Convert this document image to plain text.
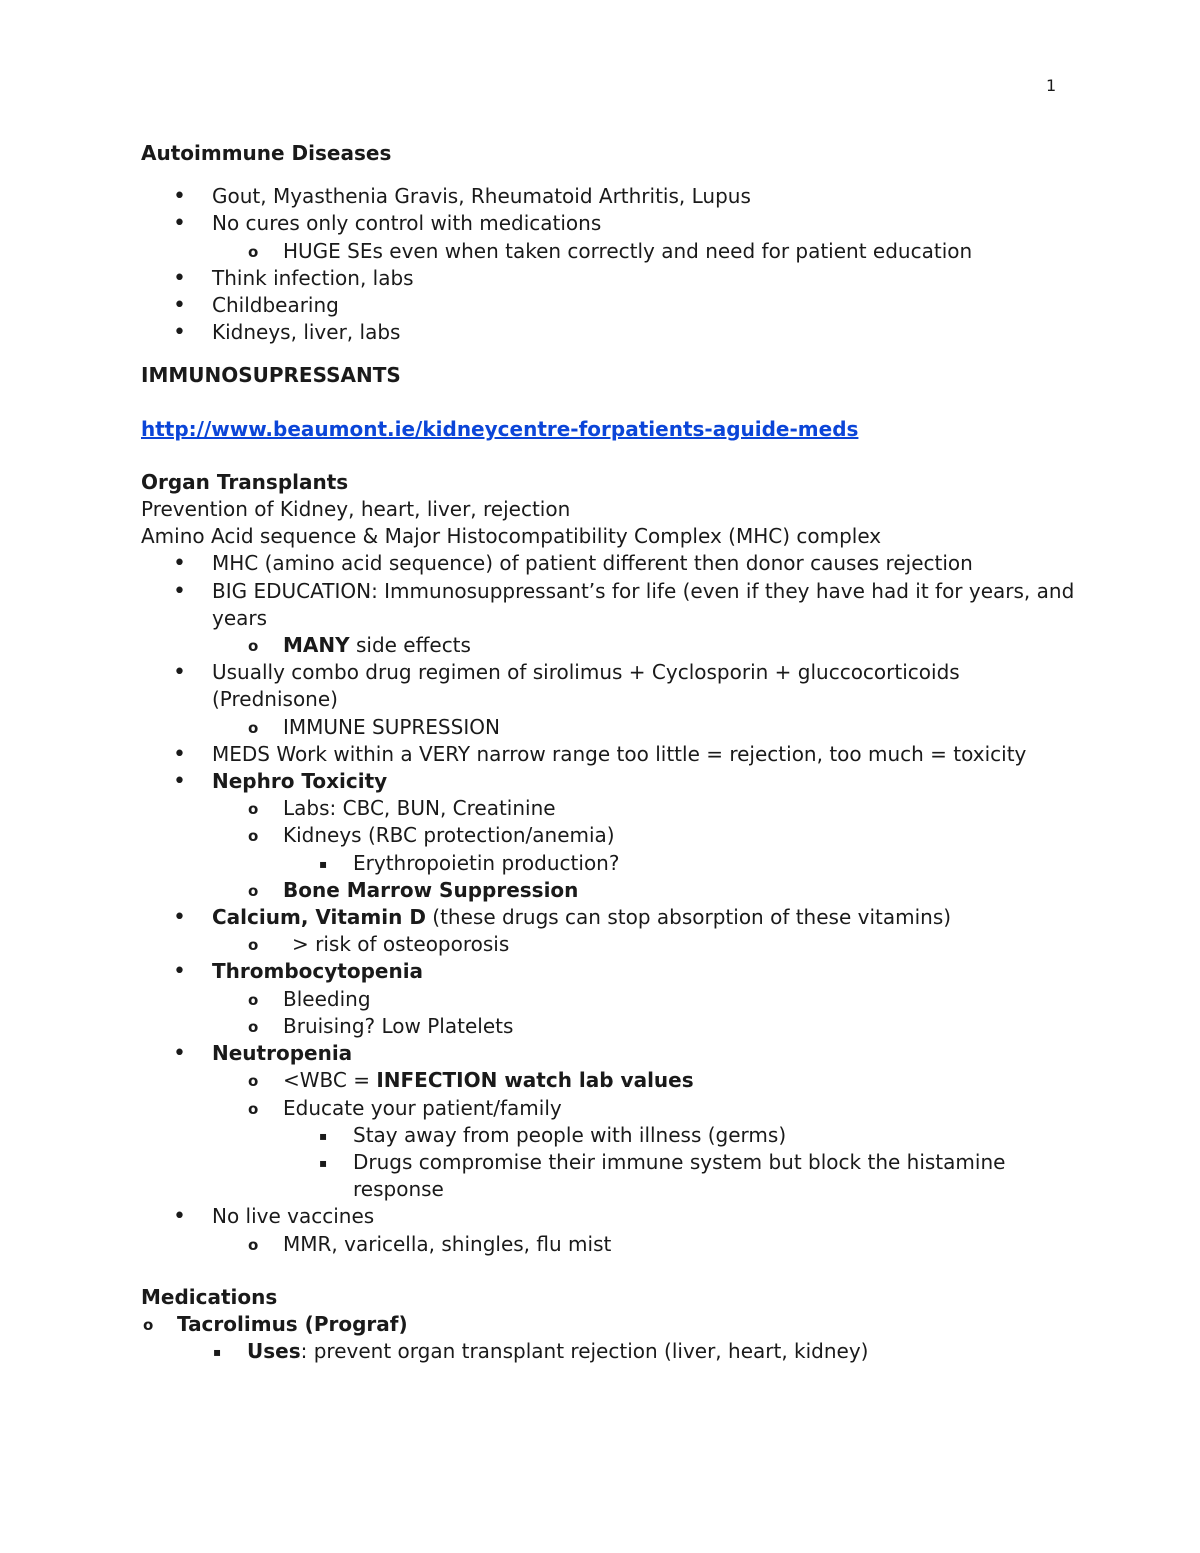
1

Autoimmune Diseases

• Gout, Myasthenia Gravis, Rheumatoid Arthritis, Lupus
• No cures only control with medications
o HUGE SEs even when taken correctly and need for patient education
• Think infection, labs
• Childbearing
• Kidneys, liver, labs

IMMUNOSUPRESSANTS

http://www.beaumont.ie/kidneycentre-forpatients-aguide-meds

Organ Transplants

Prevention of Kidney, heart, liver, rejection

Amino Acid sequence & Major Histocompatibility Complex (MHC) complex

• MHC (amino acid sequence) of patient different then donor causes rejection
• BIG EDUCATION: Immunosuppressant’s for life (even if they have had it for years, and years
o MANY side effects
• Usually combo drug regimen of sirolimus + Cyclosporin + gluccocorticoids (Prednisone)
o IMMUNE SUPRESSION
• MEDS Work within a VERY narrow range too little = rejection, too much = toxicity
• Nephro Toxicity
o Labs: CBC, BUN, Creatinine
o Kidneys (RBC protection/anemia)
▪ Erythropoietin production?
o Bone Marrow Suppression
• Calcium, Vitamin D (these drugs can stop absorption of these vitamins)
o > risk of osteoporosis
• Thrombocytopenia
o Bleeding
o Bruising? Low Platelets
• Neutropenia
o <WBC = INFECTION watch lab values
o Educate your patient/family
▪ Stay away from people with illness (germs)
▪ Drugs compromise their immune system but block the histamine response
• No live vaccines
o MMR, varicella, shingles, flu mist

Medications

o Tacrolimus (Prograf)
▪ Uses: prevent organ transplant rejection (liver, heart, kidney)
